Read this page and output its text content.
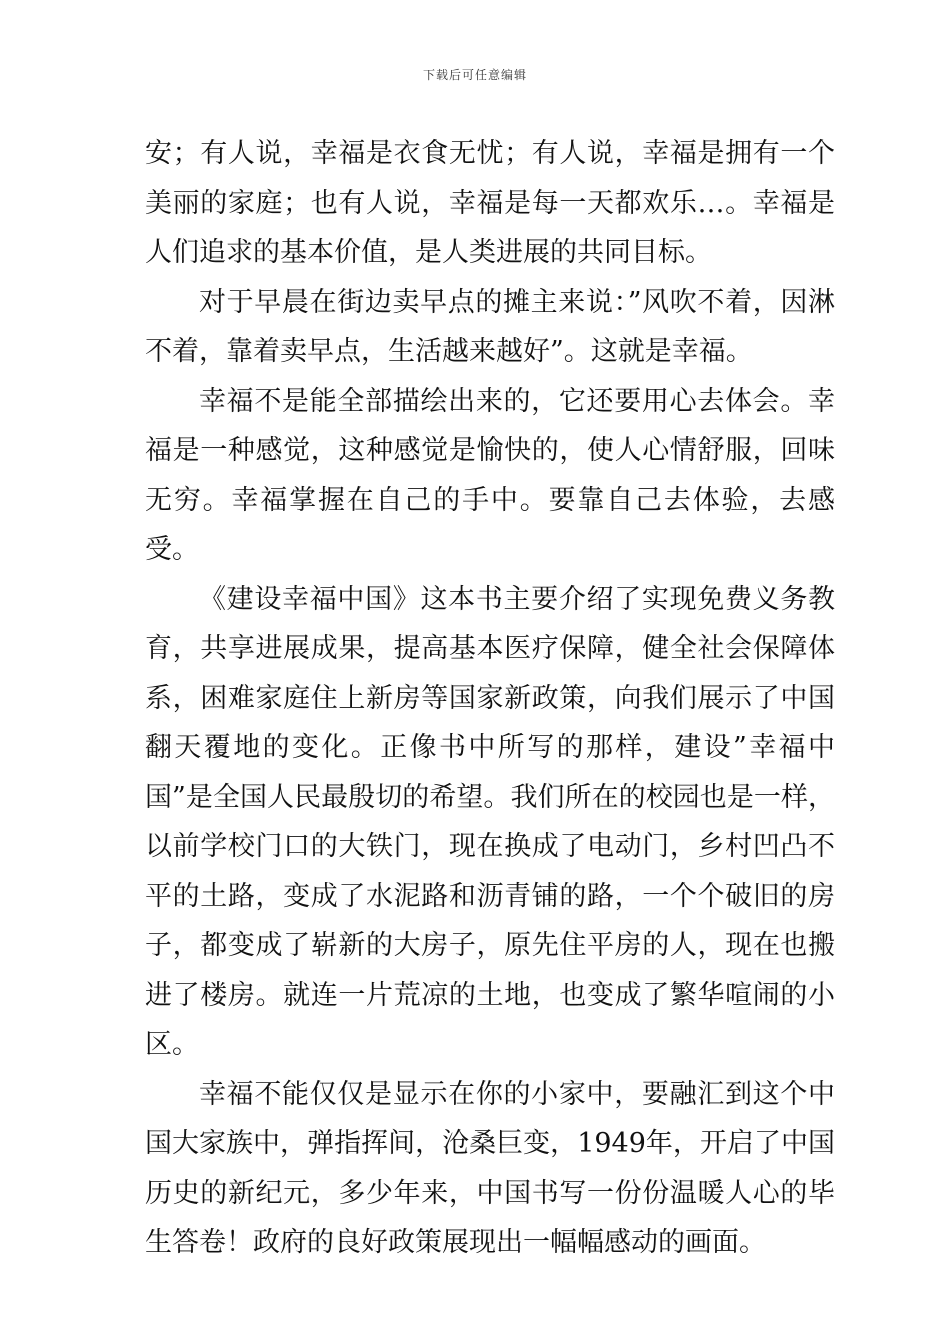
下载后可任意编辑

安；有人说，幸福是衣食无忧；有人说，幸福是拥有一个美丽的家庭；也有人说，幸福是每一天都欢乐…。幸福是人们追求的基本价值，是人类进展的共同目标。

对于早晨在街边卖早点的摊主来说：”风吹不着，因淋不着，靠着卖早点，生活越来越好”。这就是幸福。

幸福不是能全部描绘出来的，它还要用心去体会。幸福是一种感觉，这种感觉是愉快的，使人心情舒服，回味无穷。幸福掌握在自己的手中。要靠自己去体验，去感受。

《建设幸福中国》这本书主要介绍了实现免费义务教育，共享进展成果，提高基本医疗保障，健全社会保障体系，困难家庭住上新房等国家新政策，向我们展示了中国翻天覆地的变化。正像书中所写的那样，建设”幸福中国”是全国人民最殷切的希望。我们所在的校园也是一样，以前学校门口的大铁门，现在换成了电动门，乡村凹凸不平的土路，变成了水泥路和沥青铺的路，一个个破旧的房子，都变成了崭新的大房子，原先住平房的人，现在也搬进了楼房。就连一片荒凉的土地，也变成了繁华喧闹的小区。

幸福不能仅仅是显示在你的小家中，要融汇到这个中国大家族中，弹指挥间，沧桑巨变，1949年，开启了中国历史的新纪元，多少年来，中国书写一份份温暖人心的毕生答卷！政府的良好政策展现出一幅幅感动的画面。
